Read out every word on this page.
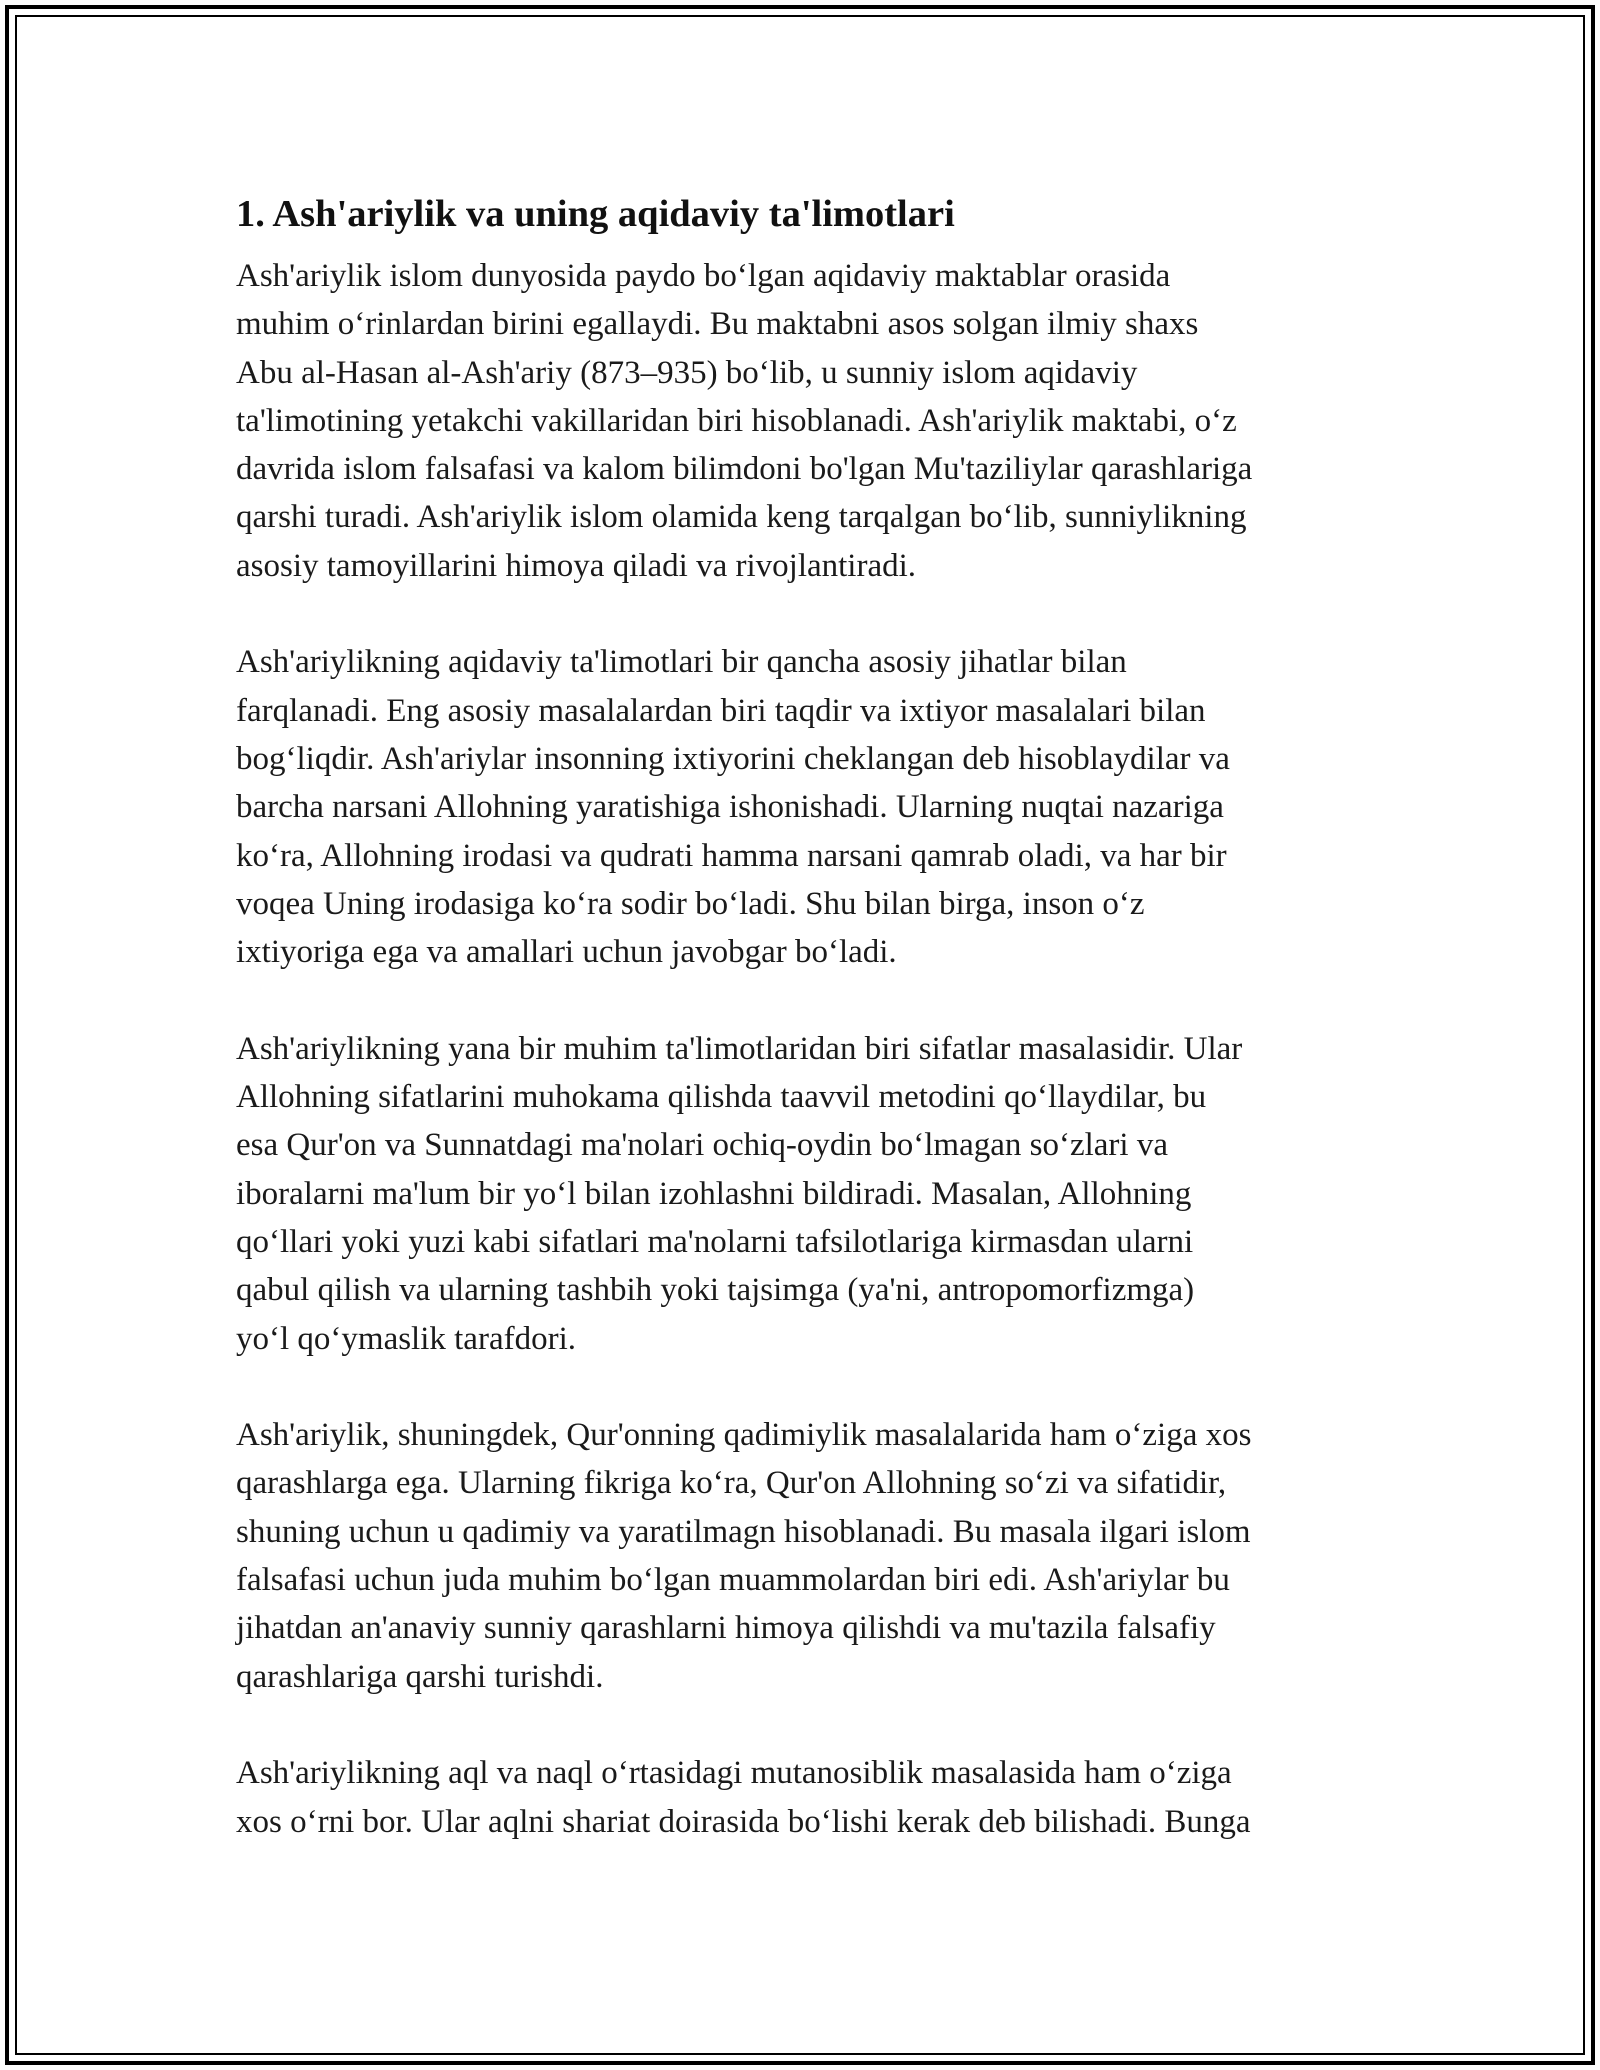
1. Ash'ariylik va uning aqidaviy ta'limotlari

Ash'ariylik islom dunyosida paydo bo‘lgan aqidaviy maktablar orasida
muhim o‘rinlardan birini egallaydi. Bu maktabni asos solgan ilmiy shaxs
Abu al-Hasan al-Ash'ariy (873–935) bo‘lib, u sunniy islom aqidaviy
ta'limotining yetakchi vakillaridan biri hisoblanadi. Ash'ariylik maktabi, o‘z
davrida islom falsafasi va kalom bilimdoni bo'lgan Mu'taziliylar qarashlariga
qarshi turadi. Ash'ariylik islom olamida keng tarqalgan bo‘lib, sunniylikning
asosiy tamoyillarini himoya qiladi va rivojlantiradi.

Ash'ariylikning aqidaviy ta'limotlari bir qancha asosiy jihatlar bilan
farqlanadi. Eng asosiy masalalardan biri taqdir va ixtiyor masalalari bilan
bog‘liqdir. Ash'ariylar insonning ixtiyorini cheklangan deb hisoblaydilar va
barcha narsani Allohning yaratishiga ishonishadi. Ularning nuqtai nazariga
ko‘ra, Allohning irodasi va qudrati hamma narsani qamrab oladi, va har bir
voqea Uning irodasiga ko‘ra sodir bo‘ladi. Shu bilan birga, inson o‘z
ixtiyoriga ega va amallari uchun javobgar bo‘ladi.

Ash'ariylikning yana bir muhim ta'limotlaridan biri sifatlar masalasidir. Ular
Allohning sifatlarini muhokama qilishda taavvil metodini qo‘llaydilar, bu
esa Qur'on va Sunnatdagi ma'nolari ochiq-oydin bo‘lmagan so‘zlari va
iboralarni ma'lum bir yo‘l bilan izohlashni bildiradi. Masalan, Allohning
qo‘llari yoki yuzi kabi sifatlari ma'nolarni tafsilotlariga kirmasdan ularni
qabul qilish va ularning tashbih yoki tajsimga (ya'ni, antropomorfizmga)
yo‘l qo‘ymaslik tarafdori.

Ash'ariylik, shuningdek, Qur'onning qadimiylik masalalarida ham o‘ziga xos
qarashlarga ega. Ularning fikriga ko‘ra, Qur'on Allohning so‘zi va sifatidir,
shuning uchun u qadimiy va yaratilmagn hisoblanadi. Bu masala ilgari islom
falsafasi uchun juda muhim bo‘lgan muammolardan biri edi. Ash'ariylar bu
jihatdan an'anaviy sunniy qarashlarni himoya qilishdi va mu'tazila falsafiy
qarashlariga qarshi turishdi.

Ash'ariylikning aql va naql o‘rtasidagi mutanosiblik masalasida ham o‘ziga
xos o‘rni bor. Ular aqlni shariat doirasida bo‘lishi kerak deb bilishadi. Bunga
